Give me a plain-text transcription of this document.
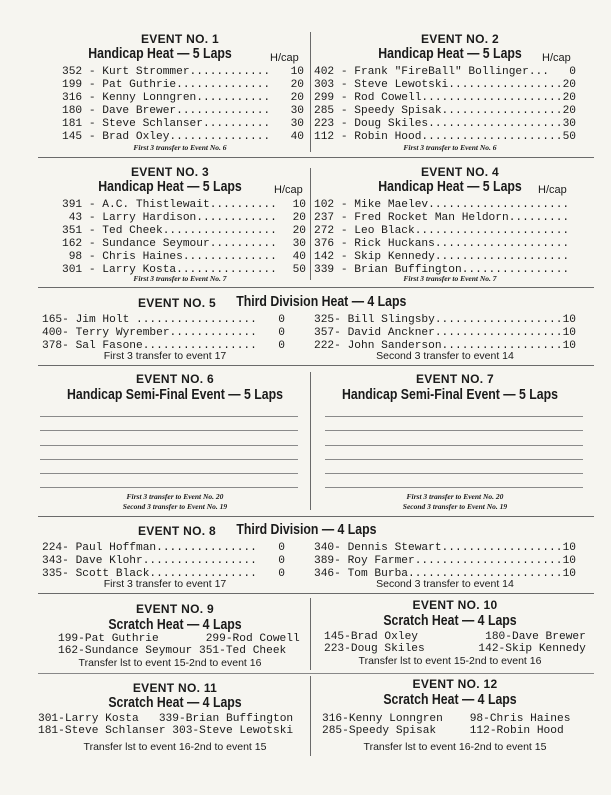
EVENT NO. 1
Handicap Heat — 5 Laps	H/cap
352 - Kurt Strommer............ 10
199 - Pat Guthrie.............. 20
316 - Kenny Lonngren........... 20
180 - Dave Brewer.............. 30
181 - Steve Schlanser.......... 30
145 - Brad Oxley............... 40
First 3 transfer to Event No. 6
EVENT NO. 2
Handicap Heat — 5 Laps H/cap
402 - Frank "FireBall" Bollinger... 0
303 - Steve Lewotski................. 20
299 - Rod Cowell..................... 20
285 - Speedy Spisak.................. 20
223 - Doug Skiles.................... 30
112 - Robin Hood..................... 50
First 3 transfer to Event No. 6
EVENT NO. 3
Handicap Heat — 5 Laps	H/cap
391 - A.C. Thistlewait.......... 10
43 - Larry Hardison............ 20
351 - Ted Cheek................. 20
162 - Sundance Seymour.......... 30
98 - Chris Haines.............. 40
301 - Larry Kosta............... 50
First 3 transfer to Event No. 7
EVENT NO. 4
Handicap Heat — 5 Laps H/cap
102 - Mike Maelev.....................
237 - Fred Rocket Man Heldorn.........
272 - Leo Black.......................
376 - Rick Huckans....................
142 - Skip Kennedy....................
339 - Brian Buffington................
First 3 transfer to Event No. 7
EVENT NO. 5 Third Division Heat — 4 Laps
165- Jim Holt .................. 0
400- Terry Wyrember............. 0
378- Sal Fasone................. 0
325- Bill Slingsby................... 10
357- David Anckner................... 10
222- John Sanderson.................. 10
First 3 transfer to event 17	Second 3 transfer to event 14
EVENT NO. 6
Handicap Semi-Final Event — 5 Laps
First 3 transfer to Event No. 20
Second 3 transfer to Event No. 19
EVENT NO. 7
Handicap Semi-Final Event — 5 Laps
First 3 transfer to Event No. 20
Second 3 transfer to Event No. 19
EVENT NO. 8 Third Division — 4 Laps
224- Paul Hoffman............... 0
343- Dave Klohr................. 0
335- Scott Black................ 0
340- Dennis Stewart.................. 10
389- Roy Farmer...................... 10
346- Tom Burba....................... 10
First 3 transfer to event 17	Second 3 transfer to event 14
EVENT NO. 9
Scratch Heat — 4 Laps
199-Pat Guthrie       299-Rod Cowell
162-Sundance Seymour 351-Ted Cheek
Transfer lst to event 15-2nd to event 16
EVENT NO. 10
Scratch Heat — 4 Laps
145-Brad Oxley          180-Dave Brewer
223-Doug Skiles        142-Skip Kennedy
Transfer lst to event 15-2nd to event 16
EVENT NO. 11
Scratch Heat — 4 Laps
301-Larry Kosta   339-Brian Buffington
181-Steve Schlanser 303-Steve Lewotski
Transfer lst to event 16-2nd to event 15
EVENT NO. 12
Scratch Heat — 4 Laps
316-Kenny Lonngren    98-Chris Haines
285-Speedy Spisak     112-Robin Hood
Transfer lst to event 16-2nd to event 15
